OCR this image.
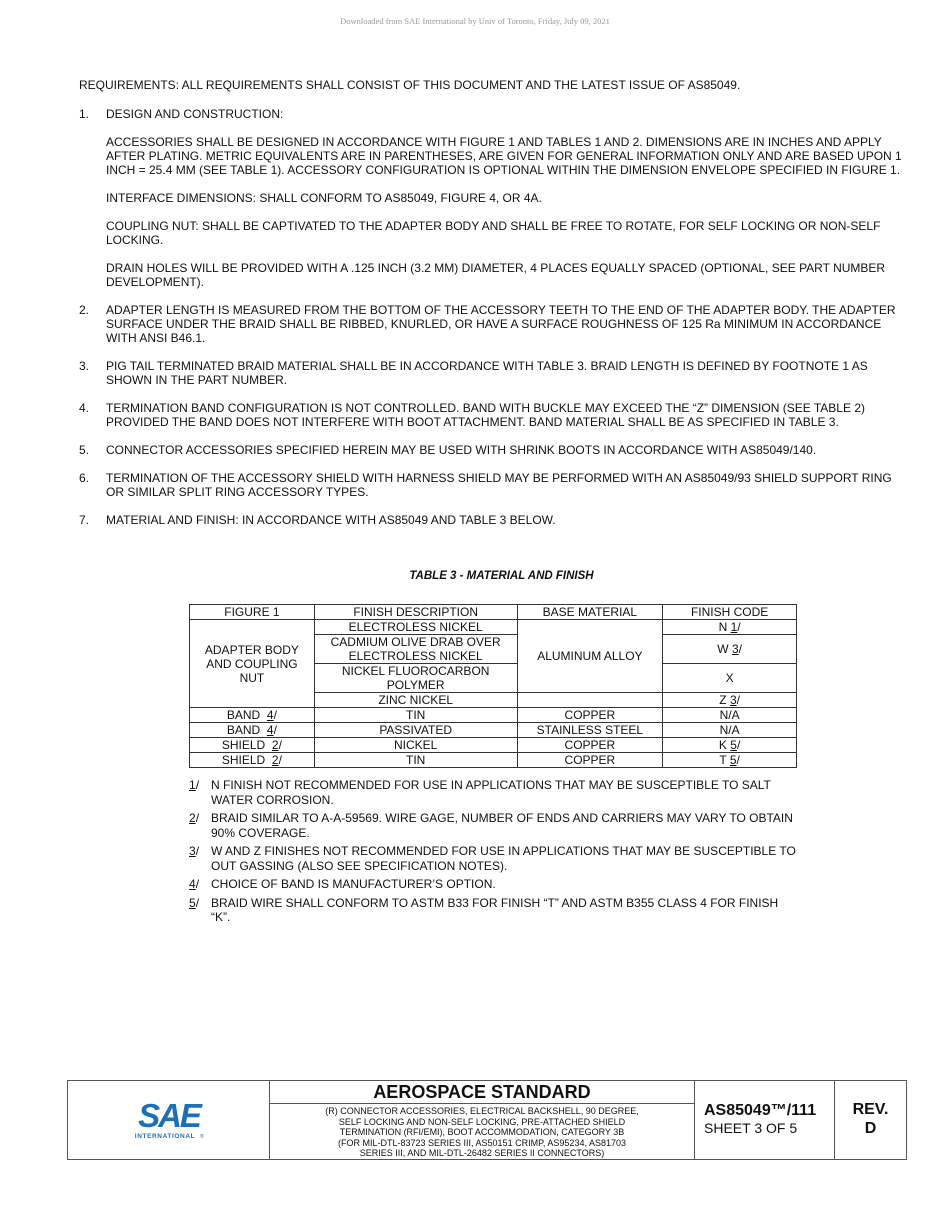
Downloaded from SAE International by Univ of Toronto, Friday, July 09, 2021
REQUIREMENTS: ALL REQUIREMENTS SHALL CONSIST OF THIS DOCUMENT AND THE LATEST ISSUE OF AS85049.
1.	DESIGN AND CONSTRUCTION:

ACCESSORIES SHALL BE DESIGNED IN ACCORDANCE WITH FIGURE 1 AND TABLES 1 AND 2. DIMENSIONS ARE IN INCHES AND APPLY AFTER PLATING. METRIC EQUIVALENTS ARE IN PARENTHESES, ARE GIVEN FOR GENERAL INFORMATION ONLY AND ARE BASED UPON 1 INCH = 25.4 MM (SEE TABLE 1). ACCESSORY CONFIGURATION IS OPTIONAL WITHIN THE DIMENSION ENVELOPE SPECIFIED IN FIGURE 1.

INTERFACE DIMENSIONS: SHALL CONFORM TO AS85049, FIGURE 4, OR 4A.

COUPLING NUT: SHALL BE CAPTIVATED TO THE ADAPTER BODY AND SHALL BE FREE TO ROTATE, FOR SELF LOCKING OR NON-SELF LOCKING.

DRAIN HOLES WILL BE PROVIDED WITH A .125 INCH (3.2 MM) DIAMETER, 4 PLACES EQUALLY SPACED (OPTIONAL, SEE PART NUMBER DEVELOPMENT).

2.	ADAPTER LENGTH IS MEASURED FROM THE BOTTOM OF THE ACCESSORY TEETH TO THE END OF THE ADAPTER BODY. THE ADAPTER SURFACE UNDER THE BRAID SHALL BE RIBBED, KNURLED, OR HAVE A SURFACE ROUGHNESS OF 125 Ra MINIMUM IN ACCORDANCE WITH ANSI B46.1.

3.	PIG TAIL TERMINATED BRAID MATERIAL SHALL BE IN ACCORDANCE WITH TABLE 3. BRAID LENGTH IS DEFINED BY FOOTNOTE 1 AS SHOWN IN THE PART NUMBER.

4.	TERMINATION BAND CONFIGURATION IS NOT CONTROLLED. BAND WITH BUCKLE MAY EXCEED THE “Z” DIMENSION (SEE TABLE 2) PROVIDED THE BAND DOES NOT INTERFERE WITH BOOT ATTACHMENT. BAND MATERIAL SHALL BE AS SPECIFIED IN TABLE 3.

5.	CONNECTOR ACCESSORIES SPECIFIED HEREIN MAY BE USED WITH SHRINK BOOTS IN ACCORDANCE WITH AS85049/140.

6.	TERMINATION OF THE ACCESSORY SHIELD WITH HARNESS SHIELD MAY BE PERFORMED WITH AN AS85049/93 SHIELD SUPPORT RING OR SIMILAR SPLIT RING ACCESSORY TYPES.

7.	MATERIAL AND FINISH: IN ACCORDANCE WITH AS85049 AND TABLE 3 BELOW.

TABLE 3 - MATERIAL AND FINISH
FIGURE 1	FINISH DESCRIPTION	BASE MATERIAL	FINISH CODE
ADAPTER BODY AND COUPLING NUT	ELECTROLESS NICKEL	ALUMINUM ALLOY	N 1/
	CADMIUM OLIVE DRAB OVER ELECTROLESS NICKEL		W 3/
	NICKEL FLUOROCARBON POLYMER		X
	ZINC NICKEL		Z 3/
BAND 4/	TIN	COPPER	N/A
BAND 4/	PASSIVATED	STAINLESS STEEL	N/A
SHIELD 2/	NICKEL	COPPER	K 5/
SHIELD 2/	TIN	COPPER	T 5/
1/ N FINISH NOT RECOMMENDED FOR USE IN APPLICATIONS THAT MAY BE SUSCEPTIBLE TO SALT WATER CORROSION.
2/ BRAID SIMILAR TO A-A-59569. WIRE GAGE, NUMBER OF ENDS AND CARRIERS MAY VARY TO OBTAIN 90% COVERAGE.
3/ W AND Z FINISHES NOT RECOMMENDED FOR USE IN APPLICATIONS THAT MAY BE SUSCEPTIBLE TO OUT GASSING (ALSO SEE SPECIFICATION NOTES).
4/ CHOICE OF BAND IS MANUFACTURER’S OPTION.
5/ BRAID WIRE SHALL CONFORM TO ASTM B33 FOR FINISH “T” AND ASTM B355 CLASS 4 FOR FINISH “K”.
SAE
INTERNATIONAL ®
AEROSPACE STANDARD
(R) CONNECTOR ACCESSORIES, ELECTRICAL BACKSHELL, 90 DEGREE,
SELF LOCKING AND NON-SELF LOCKING, PRE-ATTACHED SHIELD
TERMINATION (RFI/EMI), BOOT ACCOMMODATION, CATEGORY 3B
(FOR MIL-DTL-83723 SERIES III, AS50151 CRIMP, AS95234, AS81703
SERIES III, AND MIL-DTL-26482 SERIES II CONNECTORS)
AS85049™/111
SHEET 3 OF 5
REV.
D
